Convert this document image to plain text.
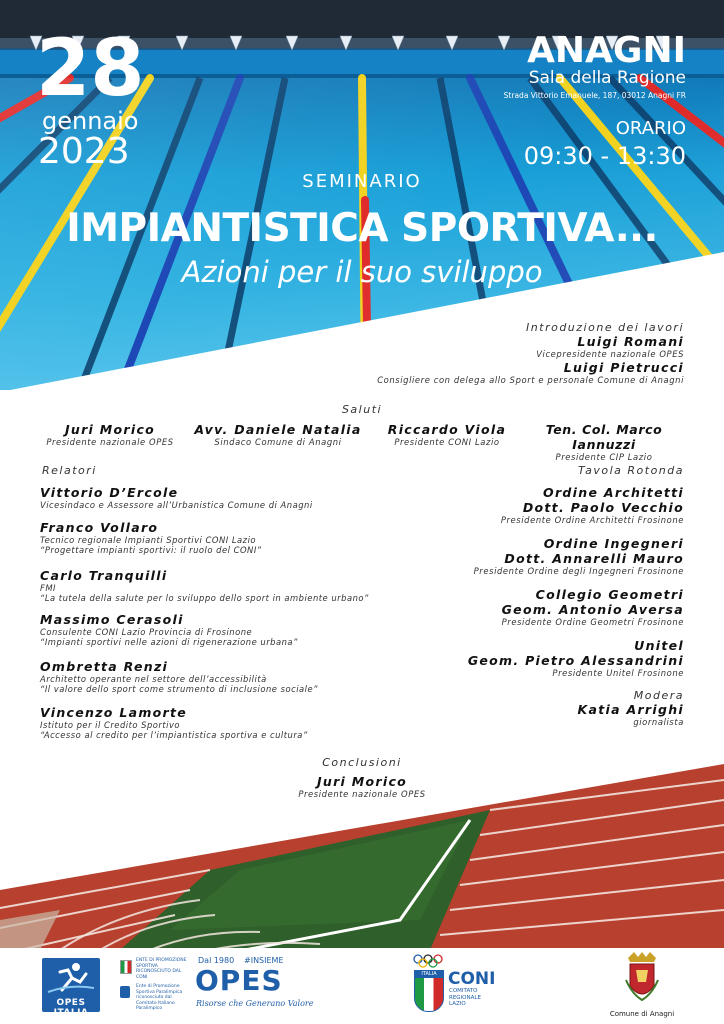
28
gennaio
2023
ANAGNI
Sala della Ragione
Strada Vittorio Emanuele, 187, 03012 Anagni FR
ORARIO
09:30 - 13:30
SEMINARIO
IMPIANTISTICA SPORTIVA...
Azioni per il suo sviluppo
Introduzione dei lavori
Luigi Romani
Vicepresidente nazionale OPES
Luigi Pietrucci
Consigliere con delega allo Sport e personale Comune di Anagni
Saluti
Juri Morico
Presidente nazionale OPES
Avv. Daniele Natalia
Sindaco Comune di Anagni
Riccardo Viola
Presidente CONI Lazio
Ten. Col. Marco Iannuzzi
Presidente CIP Lazio
Relatori
Vittorio D’Ercole
Vicesindaco e Assessore all’Urbanistica Comune di Anagni
Franco Vollaro
Tecnico regionale Impianti Sportivi CONI Lazio
“Progettare impianti sportivi: il ruolo del CONI”
Carlo Tranquilli
FMI
“La tutela della salute per lo sviluppo dello sport in ambiente urbano”
Massimo Cerasoli
Consulente CONI Lazio Provincia di Frosinone
“Impianti sportivi nelle azioni di rigenerazione urbana”
Ombretta Renzi
Architetto operante nel settore dell’accessibilità
“Il valore dello sport come strumento di inclusione sociale”
Vincenzo Lamorte
Istituto per il Credito Sportivo
“Accesso al credito per l’impiantistica sportiva e cultura”
Tavola Rotonda
Ordine Architetti
Dott. Paolo Vecchio
Presidente Ordine Architetti Frosinone
Ordine Ingegneri
Dott. Annarelli Mauro
Presidente Ordine degli Ingegneri Frosinone
Collegio Geometri
Geom. Antonio Aversa
Presidente Ordine Geometri Frosinone
Unitel
Geom. Pietro Alessandrini
Presidente Unitel Frosinone
Modera
Katia Arrighi
giornalista
Conclusioni
Juri Morico
Presidente nazionale OPES
OPES ITALIA
ENTE DI PROMOZIONE SPORTIVA RICONOSCIUTO DAL CONI
Ente di Promozione Sportiva Paralimpica riconosciuto dal Comitato Italiano Paralimpico
Dal 1980 #INSIEME
OPES
Risorse che Generano Valore
ITALIA CONI
COMITATO
REGIONALE
LAZIO
Comune di Anagni
